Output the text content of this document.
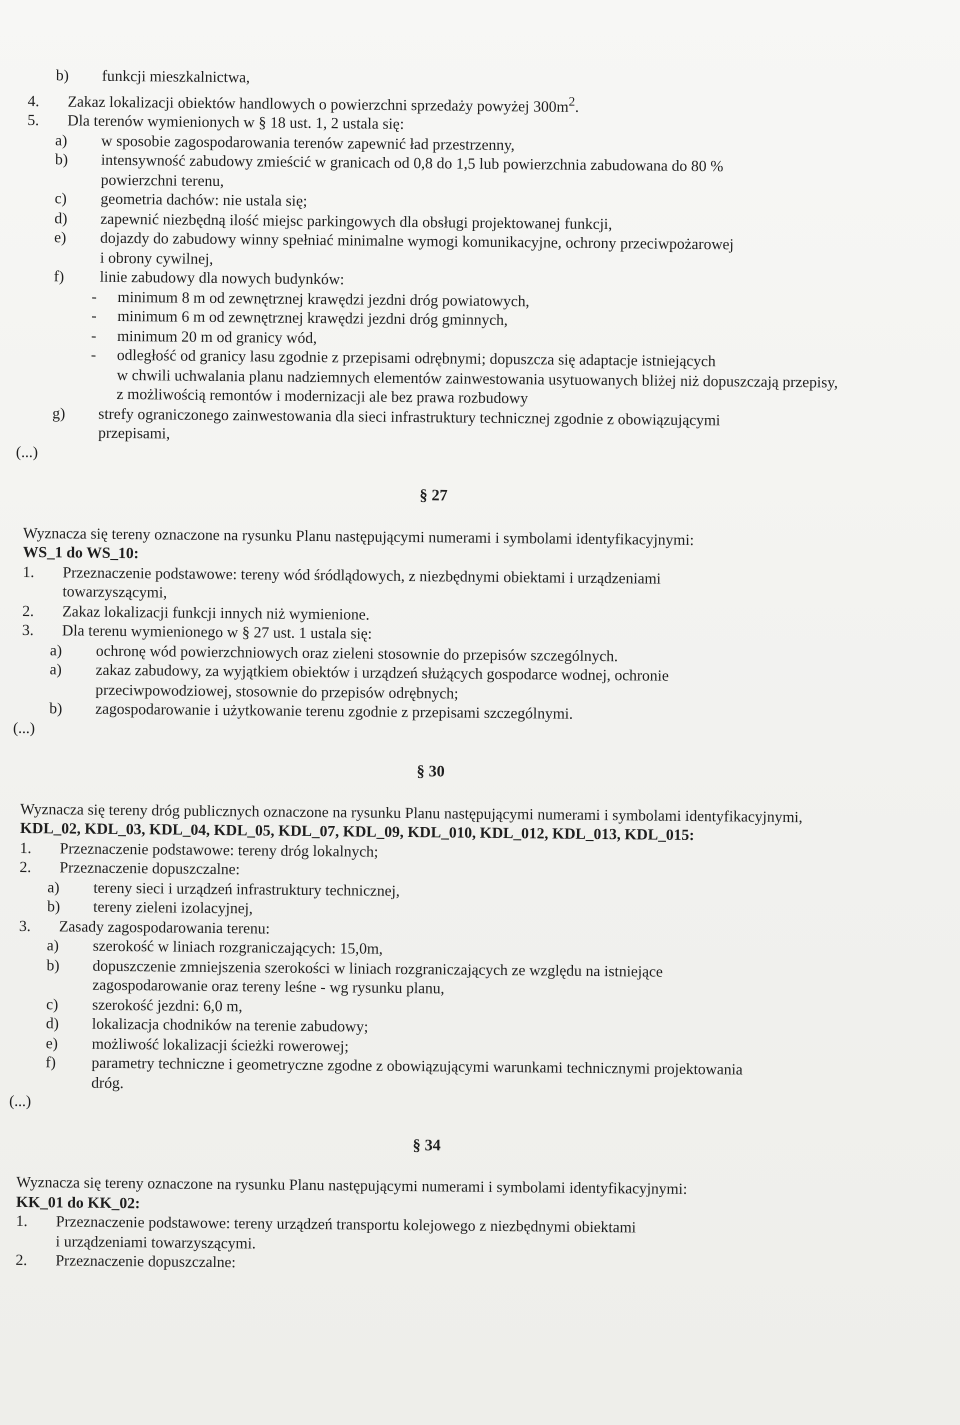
b) funkcji mieszkalnictwa,
4. Zakaz lokalizacji obiektów handlowych o powierzchni sprzedaży powyżej $300m^2$.
5. Dla terenów wymienionych w § 18 ust. 1, 2 ustala się:
a) w sposobie zagospodarowania terenów zapewnić ład przestrzenny,
b) intensywność zabudowy zmieścić w granicach od 0,8 do 1,5 lub powierzchnia zabudowana do 80 %
powierzchni terenu,
c) geometria dachów: nie ustala się;
d) zapewnić niezbędną ilość miejsc parkingowych dla obsługi projektowanej funkcji,
e) dojazdy do zabudowy winny spełniać minimalne wymogi komunikacyjne, ochrony przeciwpożarowej
i obrony cywilnej,
f) linie zabudowy dla nowych budynków:
- minimum 8 m od zewnętrznej krawędzi jezdni dróg powiatowych,
- minimum 6 m od zewnętrznej krawędzi jezdni dróg gminnych,
- minimum 20 m od granicy wód,
- odległość od granicy lasu zgodnie z przepisami odrębnymi; dopuszcza się adaptacje istniejących
w chwili uchwalania planu nadziemnych elementów zainwestowania usytuowanych bliżej niż dopuszczają przepisy, z możliwością remontów i modernizacji ale bez prawa rozbudowy
g) strefy ograniczonego zainwestowania dla sieci infrastruktury technicznej zgodnie z obowiązującymi
przepisami,
(...)
§ 27
Wyznacza się tereny oznaczone na rysunku Planu następującymi numerami i symbolami identyfikacyjnymi:
WS_1 do WS_10:
1. Przeznaczenie podstawowe: tereny wód śródlądowych, z niezbędnymi obiektami i urządzeniami
towarzyszącymi,
2. Zakaz lokalizacji funkcji innych niż wymienione.
3. Dla terenu wymienionego w § 27 ust. 1 ustala się:
a) ochronę wód powierzchniowych oraz zieleni stosownie do przepisów szczególnych.
a) zakaz zabudowy, za wyjątkiem obiektów i urządzeń służących gospodarce wodnej, ochronie
przeciwpowodziowej, stosownie do przepisów odrębnych;
b) zagospodarowanie i użytkowanie terenu zgodnie z przepisami szczególnymi.
(...)
§ 30
Wyznacza się tereny dróg publicznych oznaczone na rysunku Planu następującymi numerami i symbolami identyfikacyjnymi,
KDL_02, KDL_03, KDL_04, KDL_05, KDL_07, KDL_09, KDL_010, KDL_012, KDL_013, KDL_015:
1. Przeznaczenie podstawowe: tereny dróg lokalnych;
2. Przeznaczenie dopuszczalne:
a) tereny sieci i urządzeń infrastruktury technicznej,
b) tereny zieleni izolacyjnej,
3. Zasady zagospodarowania terenu:
a) szerokość w liniach rozgraniczających: 15,0m,
b) dopuszczenie zmniejszenia szerokości w liniach rozgraniczających ze względu na istniejące
zagospodarowanie oraz tereny leśne - wg rysunku planu,
c) szerokość jezdni: 6,0 m,
d) lokalizacja chodników na terenie zabudowy;
e) możliwość lokalizacji ścieżki rowerowej;
f) parametry techniczne i geometryczne zgodne z obowiązującymi warunkami technicznymi projektowania
dróg.
(...)
§ 34
Wyznacza się tereny oznaczone na rysunku Planu następującymi numerami i symbolami identyfikacyjnymi:
KK_01 do KK_02:
1. Przeznaczenie podstawowe: tereny urządzeń transportu kolejowego z niezbędnymi obiektami
i urządzeniami towarzyszącymi.
2. Przeznaczenie dopuszczalne:
